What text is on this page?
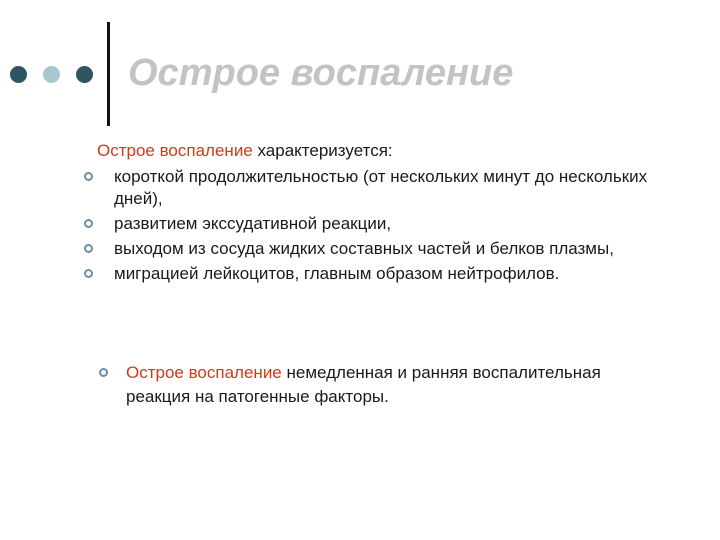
Острое воспаление
Острое воспаление характеризуется:
короткой продолжительностью (от нескольких минут до нескольких дней),
развитием экссудативной реакции,
выходом из сосуда жидких составных частей и белков плазмы,
миграцией лейкоцитов, главным образом нейтрофилов.
Острое воспаление немедленная и ранняя воспалительная реакция на патогенные факторы.
